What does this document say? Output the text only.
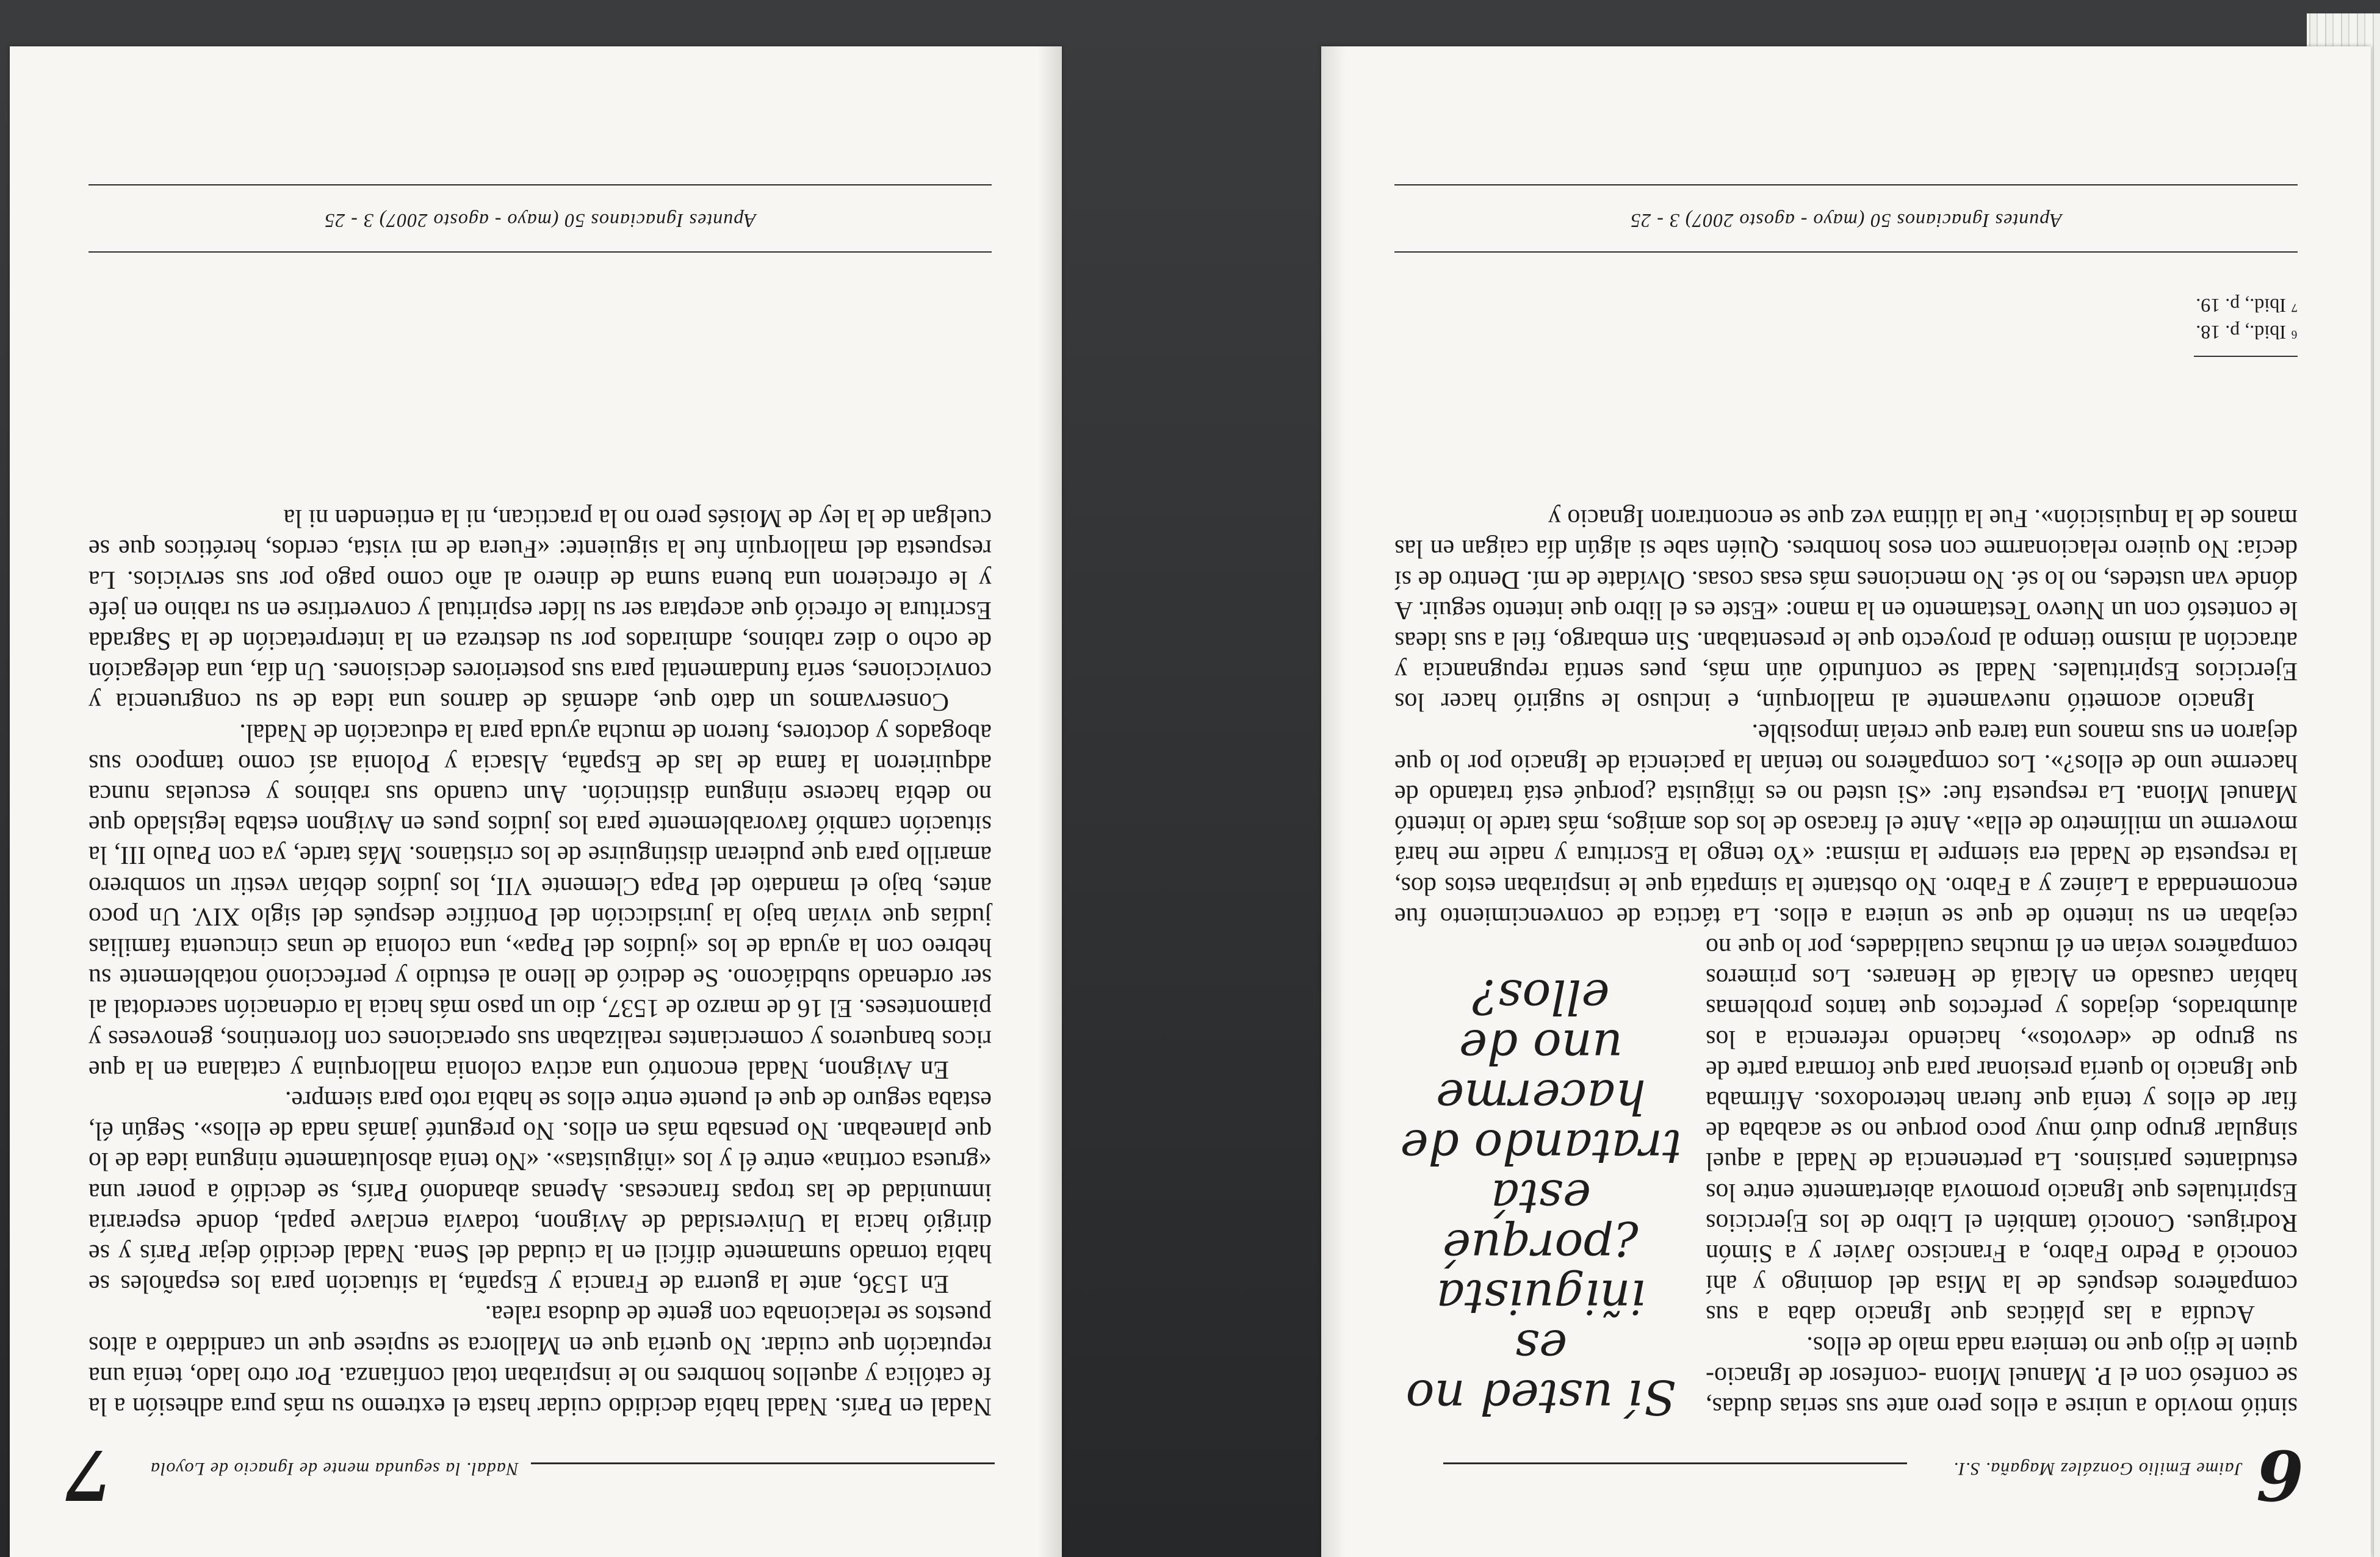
6
Jaime Emilio González Magaña. S.I.
Sí usted no es
iñiguista
¿porqué está
tratando de
hacerme
uno de ellos?

sintió movido a unirse a ellos pero ante sus serias dudas, se confesó con el P. Manuel Miona -confesor de Ignacio- quien le dijo que no temiera nada malo de ellos.

Acudía a las pláticas que Ignacio daba a sus compañeros después de la Misa del domingo y ahí conoció a Pedro Fabro, a Francisco Javier y a Simón Rodrigues. Conoció también el Libro de los Ejercicios Espirituales que Ignacio promovía abiertamente entre los estudiantes parisinos. La pertenencia de Nadal a aquel singular grupo duró muy poco porque no se acababa de fiar de ellos y tenía que fueran heterodoxos. Afirmaba que Ignacio lo quería presionar para que formara parte de su grupo de «devotos», haciendo referencia a los alumbrados, dejados y perfectos que tantos problemas habían causado en Alcalá de Henares. Los primeros compañeros veían en él muchas cualidades, por lo que no cejaban en su intento de que se uniera a ellos. La táctica de convencimiento fue encomendada a Laínez y a Fabro. No obstante la simpatía que le inspiraban estos dos, la respuesta de Nadal era siempre la misma: «Yo tengo la Escritura y nadie me hará moverme un milímetro de ella». Ante el fracaso de los dos amigos, más tarde lo intentó Manuel Miona. La respuesta fue: «Si usted no es iñiguista ¿porqué está tratando de hacerme uno de ellos?». Los compañeros no tenían la paciencia de Ignacio por lo que dejaron en sus manos una tarea que creían imposible.

Ignacio acometió nuevamente al mallorquín, e incluso le sugirió hacer los Ejercicios Espirituales. Nadal se confundió aún más, pues sentía repugnancia y atracción al mismo tiempo al proyecto que le presentaban. Sin embargo, fiel a sus ideas le contestó con un Nuevo Testamento en la mano: «Este es el libro que intento seguir. A dónde van ustedes, no lo sé. No menciones más esas cosas. Olvídate de mí. Dentro de sí decía: No quiero relacionarme con esos hombres. Quién sabe si algún día caigan en las manos de la Inquisición». Fue la última vez que se encontraron Ignacio y

⁶ Ibid., p. 18.
⁷ Ibid., p. 19.
Apuntes Ignacianos 50 (mayo - agosto 2007) 3 - 25
7 Nadal. la segunda mente de Ignacio de Loyola

Nadal en París. Nadal había decidido cuidar hasta el extremo su más pura adhesión a la fe católica y aquellos hombres no le inspiraban total confianza. Por otro lado, tenía una reputación que cuidar. No quería que en Mallorca se supiese que un candidato a altos puestos se relacionaba con gente de dudosa ralea.

En 1536, ante la guerra de Francia y España, la situación para los españoles se había tornado sumamente difícil en la ciudad del Sena. Nadal decidió dejar París y se dirigió hacia la Universidad de Avignon, todavía enclave papal, donde esperaría inmunidad de las tropas francesas. Apenas abandonó París, se decidió a poner una «gruesa cortina» entre él y los «iñiguistas». «No tenía absolutamente ninguna idea de lo que planeaban. No pensaba más en ellos. No pregunté jamás nada de ellos». Según él, estaba seguro de que el puente entre ellos se había roto para siempre.

En Avignon, Nadal encontró una activa colonia mallorquina y catalana en la que ricos banqueros y comerciantes realizaban sus operaciones con florentinos, genoveses y piamonteses. El 16 de marzo de 1537, dio un paso más hacia la ordenación sacerdotal al ser ordenado subdiácono. Se dedicó de lleno al estudio y perfeccionó notablemente su hebreo con la ayuda de los «judíos del Papa», una colonia de unas cincuenta familias judías que vivían bajo la jurisdicción del Pontífice después del siglo XIV. Un poco antes, bajo el mandato del Papa Clemente VII, los judíos debían vestir un sombrero amarillo para que pudieran distinguirse de los cristianos. Más tarde, ya con Paulo III, la situación cambió favorablemente para los judíos pues en Avignon estaba legislado que no debía hacerse ninguna distinción. Aun cuando sus rabinos y escuelas nunca adquirieron la fama de las de España, Alsacia y Polonia así como tampoco sus abogados y doctores, fueron de mucha ayuda para la educación de Nadal.

Conservamos un dato que, además de darnos una idea de su congruencia y convicciones, sería fundamental para sus posteriores decisiones. Un día, una delegación de ocho o diez rabinos, admirados por su destreza en la interpretación de la Sagrada Escritura le ofreció que aceptara ser su líder espiritual y convertirse en su rabino en jefe y le ofrecieron una buena suma de dinero al año como pago por sus servicios. La respuesta del mallorquín fue la siguiente: «Fuera de mi vista, cerdos, heréticos que se cuelgan de la ley de Moisés pero no la practican, ni la entienden ni la

Apuntes Ignacianos 50 (mayo - agosto 2007) 3 - 25
